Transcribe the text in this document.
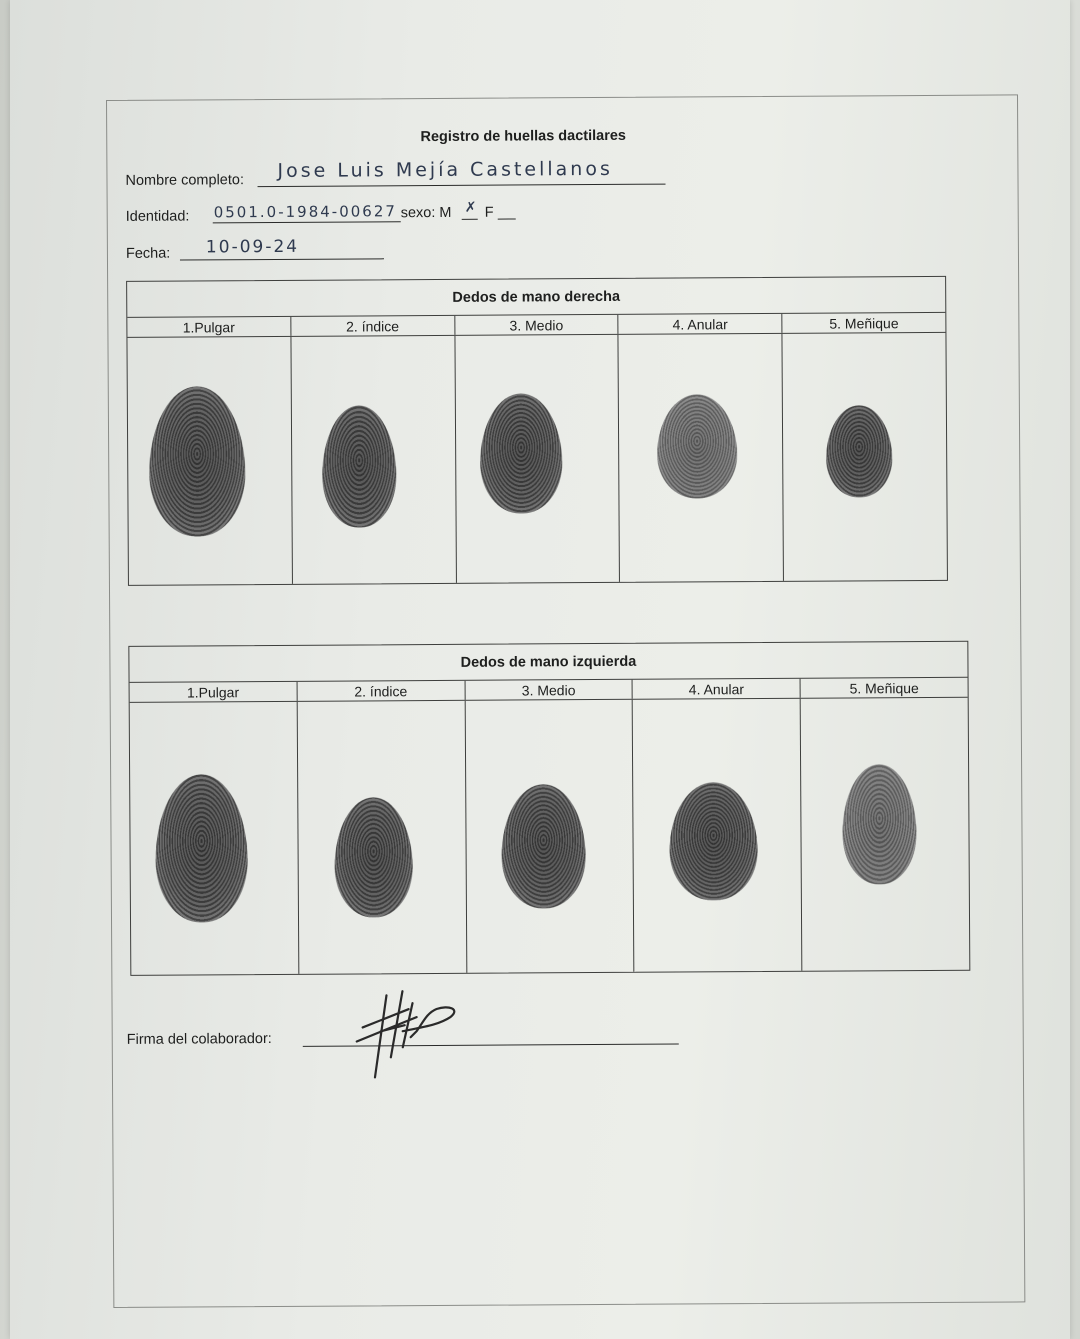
Registro de huellas dactilares
Nombre completo: Jose Luis Mejía Castellanos
Identidad: 0501.0-1984-00627 sexo: M ✗ F
Fecha: 10-09-24
Dedos de mano derecha
1.Pulgar	2. índice	3. Medio	4. Anular	5. Meñique
Dedos de mano izquierda
1.Pulgar	2. índice	3. Medio	4. Anular	5. Meñique
Firma del colaborador:
